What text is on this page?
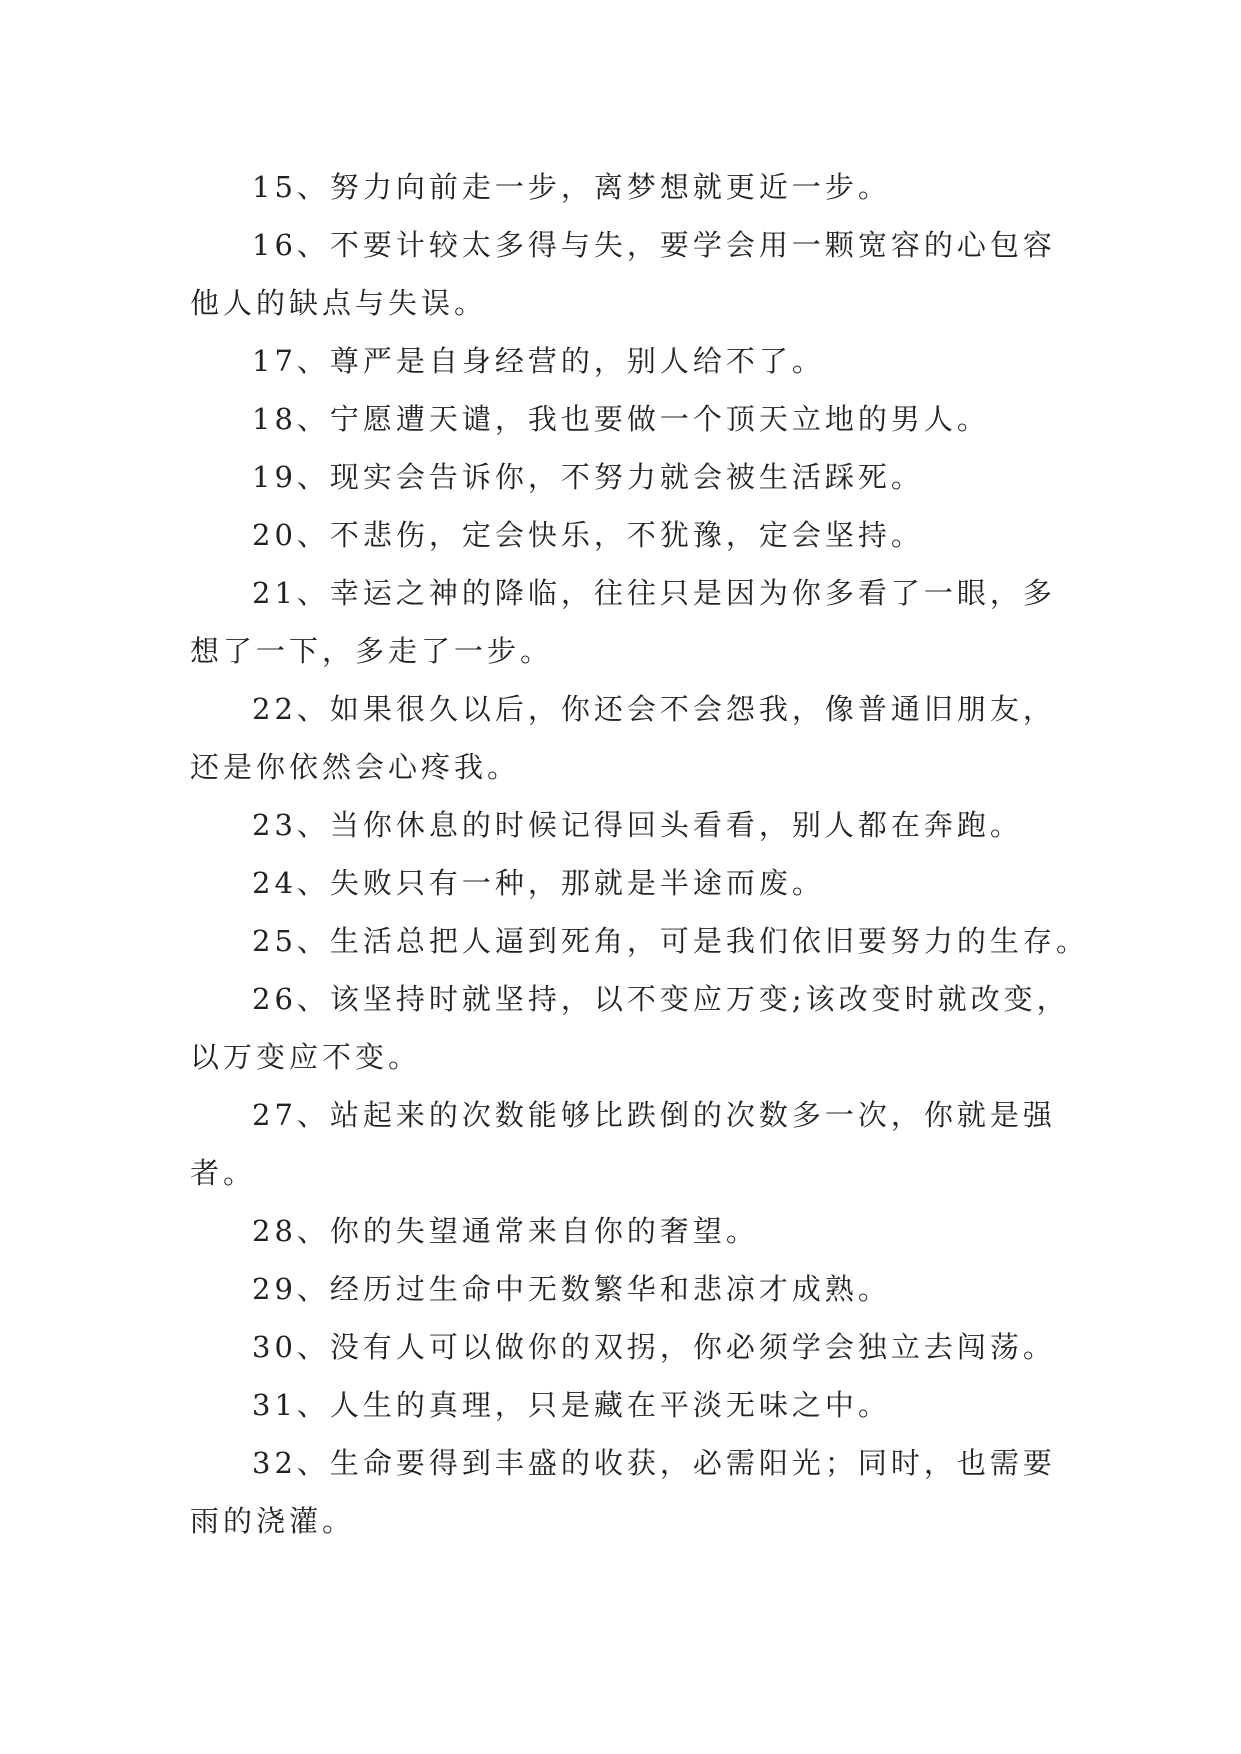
15、努力向前走一步，离梦想就更近一步。

16、不要计较太多得与失，要学会用一颗宽容的心包容

他人的缺点与失误。

17、尊严是自身经营的，别人给不了。

18、宁愿遭天谴，我也要做一个顶天立地的男人。

19、现实会告诉你，不努力就会被生活踩死。

20、不悲伤，定会快乐，不犹豫，定会坚持。

21、幸运之神的降临，往往只是因为你多看了一眼，多

想了一下，多走了一步。

22、如果很久以后，你还会不会怨我，像普通旧朋友，

还是你依然会心疼我。

23、当你休息的时候记得回头看看，别人都在奔跑。

24、失败只有一种，那就是半途而废。

25、生活总把人逼到死角，可是我们依旧要努力的生存。

26、该坚持时就坚持，以不变应万变;该改变时就改变，

以万变应不变。

27、站起来的次数能够比跌倒的次数多一次，你就是强

者。

28、你的失望通常来自你的奢望。

29、经历过生命中无数繁华和悲凉才成熟。

30、没有人可以做你的双拐，你必须学会独立去闯荡。

31、人生的真理，只是藏在平淡无味之中。

32、生命要得到丰盛的收获，必需阳光；同时，也需要

雨的浇灌。
